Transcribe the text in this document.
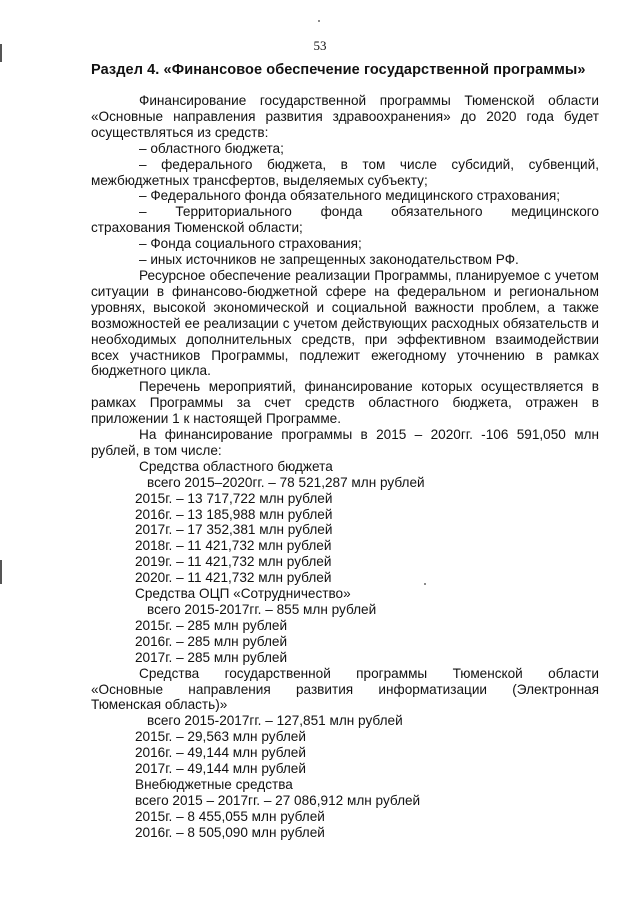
53
Раздел 4. «Финансовое обеспечение государственной программы»

Финансирование государственной программы Тюменской области «Основные направления развития здравоохранения» до 2020 года будет осуществляться из средств:

– областного бюджета;

– федерального бюджета, в том числе субсидий, субвенций,

межбюджетных трансфертов, выделяемых субъекту;

– Федерального фонда обязательного медицинского страхования;

– Территориального фонда обязательного медицинского

страхования Тюменской области;

– Фонда социального страхования;

– иных источников не запрещенных законодательством РФ.

Ресурсное обеспечение реализации Программы, планируемое с учетом ситуации в финансово-бюджетной сфере на федеральном и региональном уровнях, высокой экономической и социальной важности проблем, а также возможностей ее реализации с учетом действующих расходных обязательств и необходимых дополнительных средств, при эффективном взаимодействии всех участников Программы, подлежит ежегодному уточнению в рамках бюджетного цикла.

Перечень мероприятий, финансирование которых осуществляется в рамках Программы за счет средств областного бюджета, отражен в приложении 1 к настоящей Программе.

На финансирование программы в 2015 – 2020гг. -106 591,050 млн рублей, в том числе:

Средства областного бюджета

всего 2015–2020гг. – 78 521,287 млн рублей

2015г. – 13 717,722 млн рублей

2016г. – 13 185,988 млн рублей

2017г. – 17 352,381 млн рублей

2018г. – 11 421,732 млн рублей

2019г. – 11 421,732 млн рублей

2020г. – 11 421,732 млн рублей

Средства ОЦП «Сотрудничество»

всего 2015-2017гг. – 855 млн рублей

2015г. – 285 млн рублей

2016г. – 285 млн рублей

2017г. – 285 млн рублей

Средства государственной программы Тюменской области

«Основные направления развития информатизации (Электронная

Тюменская область)»

всего 2015-2017гг. – 127,851 млн рублей

2015г. – 29,563 млн рублей

2016г. – 49,144 млн рублей

2017г. – 49,144 млн рублей

Внебюджетные средства

всего 2015 – 2017гг. – 27 086,912 млн рублей

2015г. – 8 455,055 млн рублей

2016г. – 8 505,090 млн рублей
